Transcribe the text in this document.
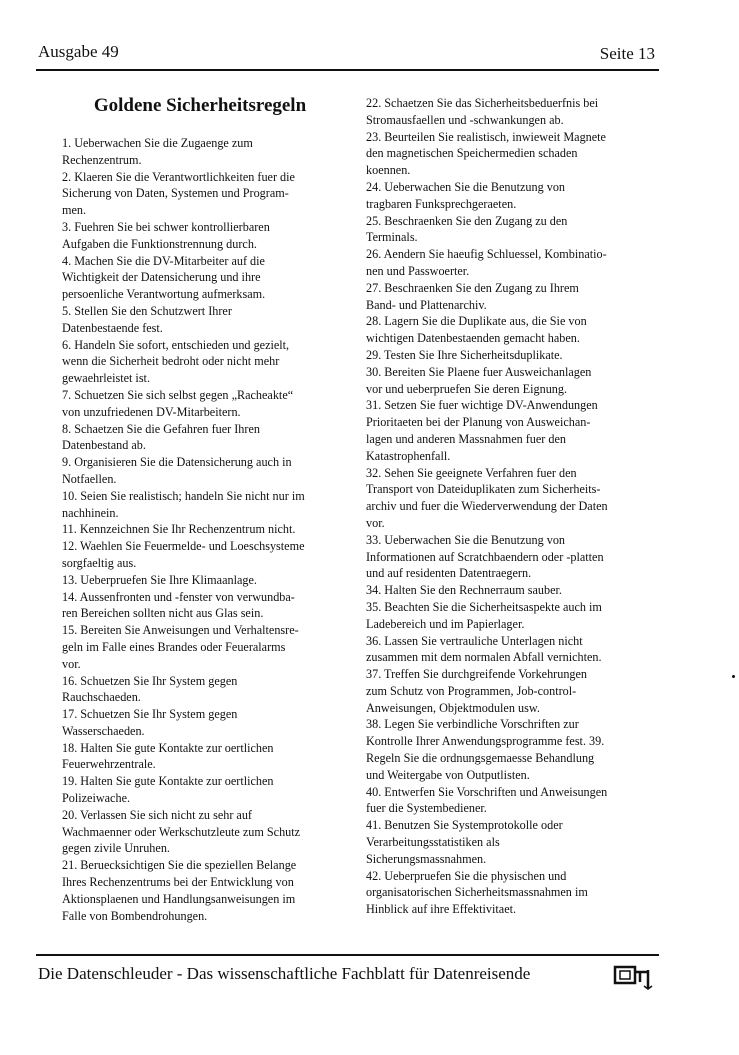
Ausgabe 49	Seite 13
Goldene Sicherheitsregeln

1. Ueberwachen Sie die Zugaenge zum
Rechenzentrum.

2. Klaeren Sie die Verantwortlichkeiten fuer die
Sicherung von Daten, Systemen und Program-
men.

3. Fuehren Sie bei schwer kontrollierbaren
Aufgaben die Funktionstrennung durch.

4. Machen Sie die DV-Mitarbeiter auf die
Wichtigkeit der Datensicherung und ihre
persoenliche Verantwortung aufmerksam.

5. Stellen Sie den Schutzwert Ihrer
Datenbestaende fest.

6. Handeln Sie sofort, entschieden und gezielt,
wenn die Sicherheit bedroht oder nicht mehr
gewaehrleistet ist.

7. Schuetzen Sie sich selbst gegen „Racheakte“
von unzufriedenen DV-Mitarbeitern.

8. Schaetzen Sie die Gefahren fuer Ihren
Datenbestand ab.

9. Organisieren Sie die Datensicherung auch in
Notfaellen.

10. Seien Sie realistisch; handeln Sie nicht nur im
nachhinein.

11. Kennzeichnen Sie Ihr Rechenzentrum nicht.

12. Waehlen Sie Feuermelde- und Loeschsysteme
sorgfaeltig aus.

13. Ueberpruefen Sie Ihre Klimaanlage.

14. Aussenfronten und -fenster von verwundba-
ren Bereichen sollten nicht aus Glas sein.

15. Bereiten Sie Anweisungen und Verhaltensre-
geln im Falle eines Brandes oder Feueralarms
vor.

16. Schuetzen Sie Ihr System gegen
Rauchschaeden.

17. Schuetzen Sie Ihr System gegen
Wasserschaeden.

18. Halten Sie gute Kontakte zur oertlichen
Feuerwehrzentrale.

19. Halten Sie gute Kontakte zur oertlichen
Polizeiwache.

20. Verlassen Sie sich nicht zu sehr auf
Wachmaenner oder Werkschutzleute zum Schutz
gegen zivile Unruhen.

21. Beruecksichtigen Sie die speziellen Belange
Ihres Rechenzentrums bei der Entwicklung von
Aktionsplaenen und Handlungsanweisungen im
Falle von Bombendrohungen.

22. Schaetzen Sie das Sicherheitsbeduerfnis bei
Stromausfaellen und -schwankungen ab.

23. Beurteilen Sie realistisch, inwieweit Magnete
den magnetischen Speichermedien schaden
koennen.

24. Ueberwachen Sie die Benutzung von
tragbaren Funksprechgeraeten.

25. Beschraenken Sie den Zugang zu den
Terminals.

26. Aendern Sie haeufig Schluessel, Kombinatio-
nen und Passwoerter.

27. Beschraenken Sie den Zugang zu Ihrem
Band- und Plattenarchiv.

28. Lagern Sie die Duplikate aus, die Sie von
wichtigen Datenbestaenden gemacht haben.

29. Testen Sie Ihre Sicherheitsduplikate.

30. Bereiten Sie Plaene fuer Ausweichanlagen
vor und ueberpruefen Sie deren Eignung.

31. Setzen Sie fuer wichtige DV-Anwendungen
Prioritaeten bei der Planung von Ausweichan-
lagen und anderen Massnahmen fuer den
Katastrophenfall.

32. Sehen Sie geeignete Verfahren fuer den
Transport von Dateiduplikaten zum Sicherheits-
archiv und fuer die Wiederverwendung der Daten
vor.

33. Ueberwachen Sie die Benutzung von
Informationen auf Scratchbaendern oder -platten
und auf residenten Datentraegern.

34. Halten Sie den Rechnerraum sauber.

35. Beachten Sie die Sicherheitsaspekte auch im
Ladebereich und im Papierlager.

36. Lassen Sie vertrauliche Unterlagen nicht
zusammen mit dem normalen Abfall vernichten.

37. Treffen Sie durchgreifende Vorkehrungen
zum Schutz von Programmen, Job-control-
Anweisungen, Objektmodulen usw.

38. Legen Sie verbindliche Vorschriften zur
Kontrolle Ihrer Anwendungsprogramme fest. 39.
Regeln Sie die ordnungsgemaesse Behandlung
und Weitergabe von Outputlisten.

40. Entwerfen Sie Vorschriften und Anweisungen
fuer die Systembediener.

41. Benutzen Sie Systemprotokolle oder
Verarbeitungsstatistiken als
Sicherungsmassnahmen.

42. Ueberpruefen Sie die physischen und
organisatorischen Sicherheitsmassnahmen im
Hinblick auf ihre Effektivitaet.

Die Datenschleuder - Das wissenschaftliche Fachblatt für Datenreisende
